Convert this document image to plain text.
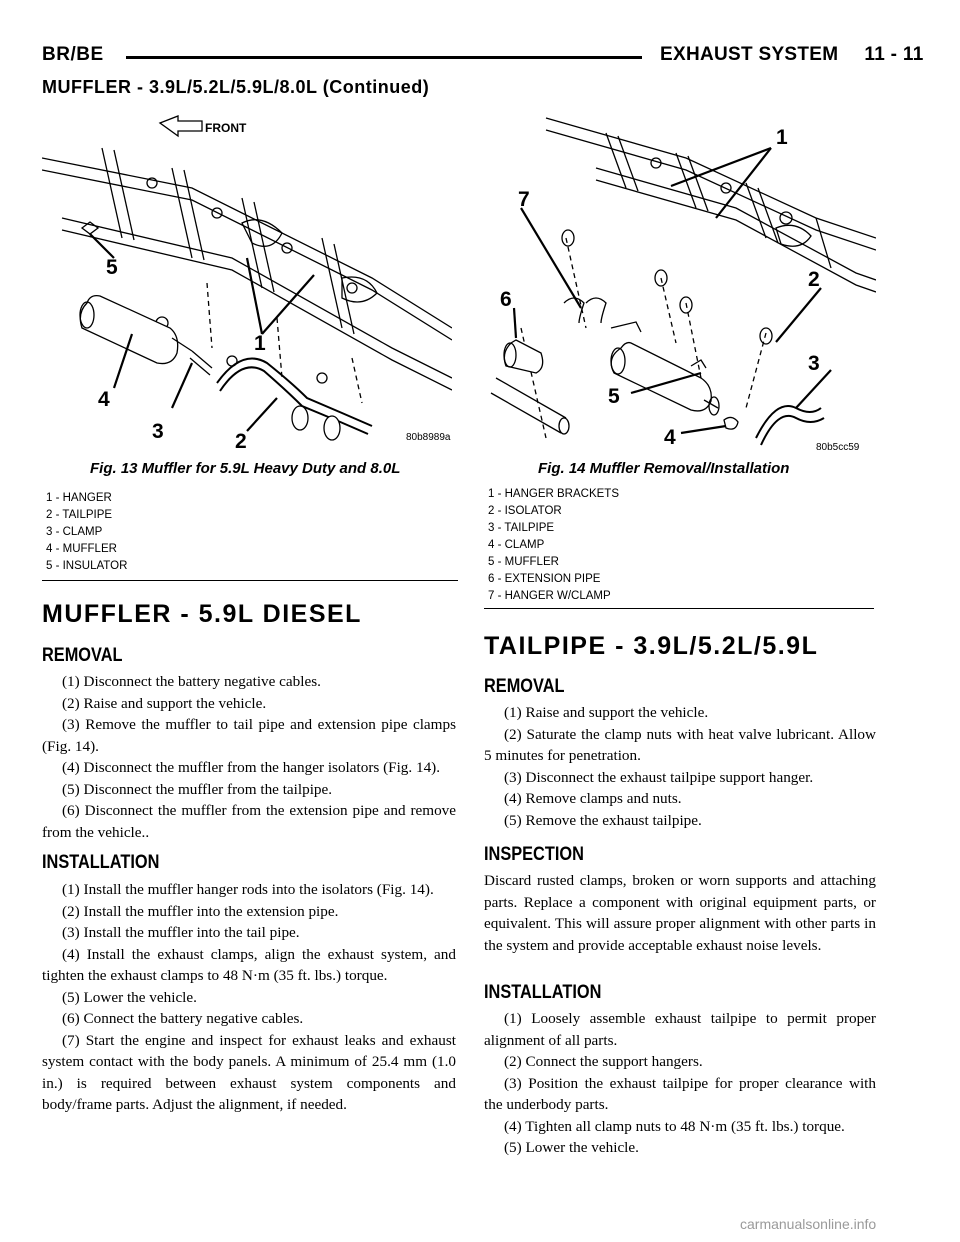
BR/BE	EXHAUST SYSTEM 11 - 11
MUFFLER - 3.9L/5.2L/5.9L/8.0L (Continued)
FRONT
5
1
4
3	2	80b8989a
Fig. 13 Muffler for 5.9L Heavy Duty and 8.0L
1 - HANGER
2 - TAILPIPE
3 - CLAMP
4 - MUFFLER
5 - INSULATOR
1
2
3
4
5
6
7
80b5cc59
Fig. 14 Muffler Removal/Installation
1 - HANGER BRACKETS
2 - ISOLATOR
3 - TAILPIPE
4 - CLAMP
5 - MUFFLER
6 - EXTENSION PIPE
7 - HANGER W/CLAMP
MUFFLER - 5.9L DIESEL
REMOVAL

(1) Disconnect the battery negative cables.

(2) Raise and support the vehicle.

(3) Remove the muffler to tail pipe and extension pipe clamps (Fig. 14).

(4) Disconnect the muffler from the hanger isolators (Fig. 14).

(5) Disconnect the muffler from the tailpipe.

(6) Disconnect the muffler from the extension pipe and remove from the vehicle..

INSTALLATION

(1) Install the muffler hanger rods into the isolators (Fig. 14).

(2) Install the muffler into the extension pipe.

(3) Install the muffler into the tail pipe.

(4) Install the exhaust clamps, align the exhaust system, and tighten the exhaust clamps to 48 N·m (35 ft. lbs.) torque.

(5) Lower the vehicle.

(6) Connect the battery negative cables.

(7) Start the engine and inspect for exhaust leaks and exhaust system contact with the body panels. A minimum of 25.4 mm (1.0 in.) is required between exhaust system components and body/frame parts. Adjust the alignment, if needed.

TAILPIPE - 3.9L/5.2L/5.9L
REMOVAL

(1) Raise and support the vehicle.

(2) Saturate the clamp nuts with heat valve lubricant. Allow 5 minutes for penetration.

(3) Disconnect the exhaust tailpipe support hanger.

(4) Remove clamps and nuts.

(5) Remove the exhaust tailpipe.

INSPECTION

Discard rusted clamps, broken or worn supports and attaching parts. Replace a component with original equipment parts, or equivalent. This will assure proper alignment with other parts in the system and provide acceptable exhaust noise levels.

INSTALLATION

(1) Loosely assemble exhaust tailpipe to permit proper alignment of all parts.

(2) Connect the support hangers.

(3) Position the exhaust tailpipe for proper clearance with the underbody parts.

(4) Tighten all clamp nuts to 48 N·m (35 ft. lbs.) torque.

(5) Lower the vehicle.

carmanualsonline.info
